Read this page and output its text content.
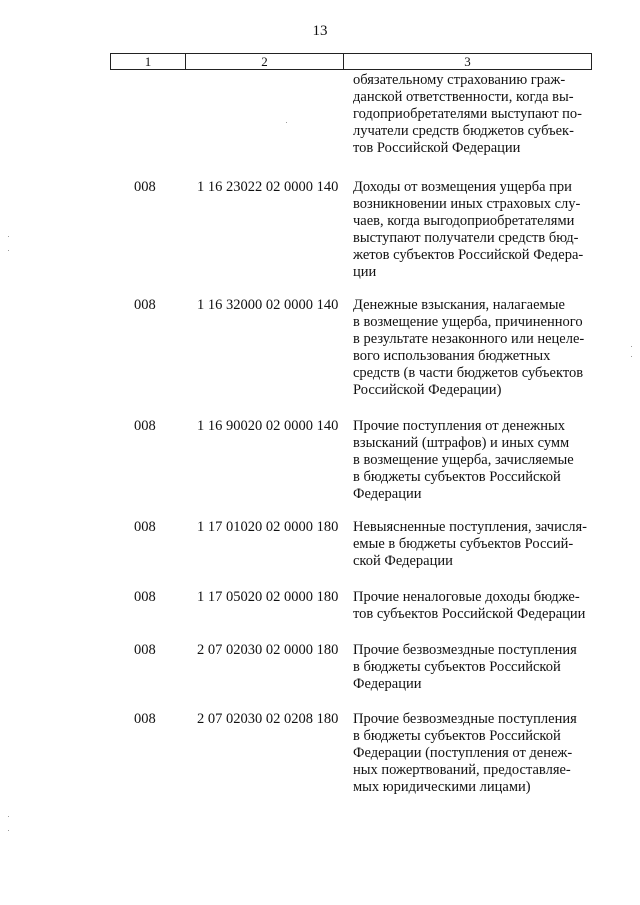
13
1	2	3
обязательному страхованию граж-
данской ответственности, когда вы-
годоприобретателями выступают по-
лучатели средств бюджетов субъек-
тов Российской Федерации
008	1 16 23022 02 0000 140 Доходы от возмещения ущерба при
возникновении иных страховых слу-
чаев, когда выгодоприобретателями
выступают получатели средств бюд-
жетов субъектов Российской Федера-
ции
008	1 16 32000 02 0000 140 Денежные взыскания, налагаемые
в возмещение ущерба, причиненного
в результате незаконного или нецеле-
вого использования бюджетных
средств (в части бюджетов субъектов
Российской Федерации)
008	1 16 90020 02 0000 140 Прочие поступления от денежных
взысканий (штрафов) и иных сумм
в возмещение ущерба, зачисляемые
в бюджеты субъектов Российской
Федерации
008	1 17 01020 02 0000 180 Невыясненные поступления, зачисля-
емые в бюджеты субъектов Россий-
ской Федерации
008	1 17 05020 02 0000 180 Прочие неналоговые доходы бюдже-
тов субъектов Российской Федерации
008	2 07 02030 02 0000 180 Прочие безвозмездные поступления
в бюджеты субъектов Российской
Федерации
008	2 07 02030 02 0208 180 Прочие безвозмездные поступления
в бюджеты субъектов Российской
Федерации (поступления от денеж-
ных пожертвований, предоставляе-
мых юридическими лицами)
